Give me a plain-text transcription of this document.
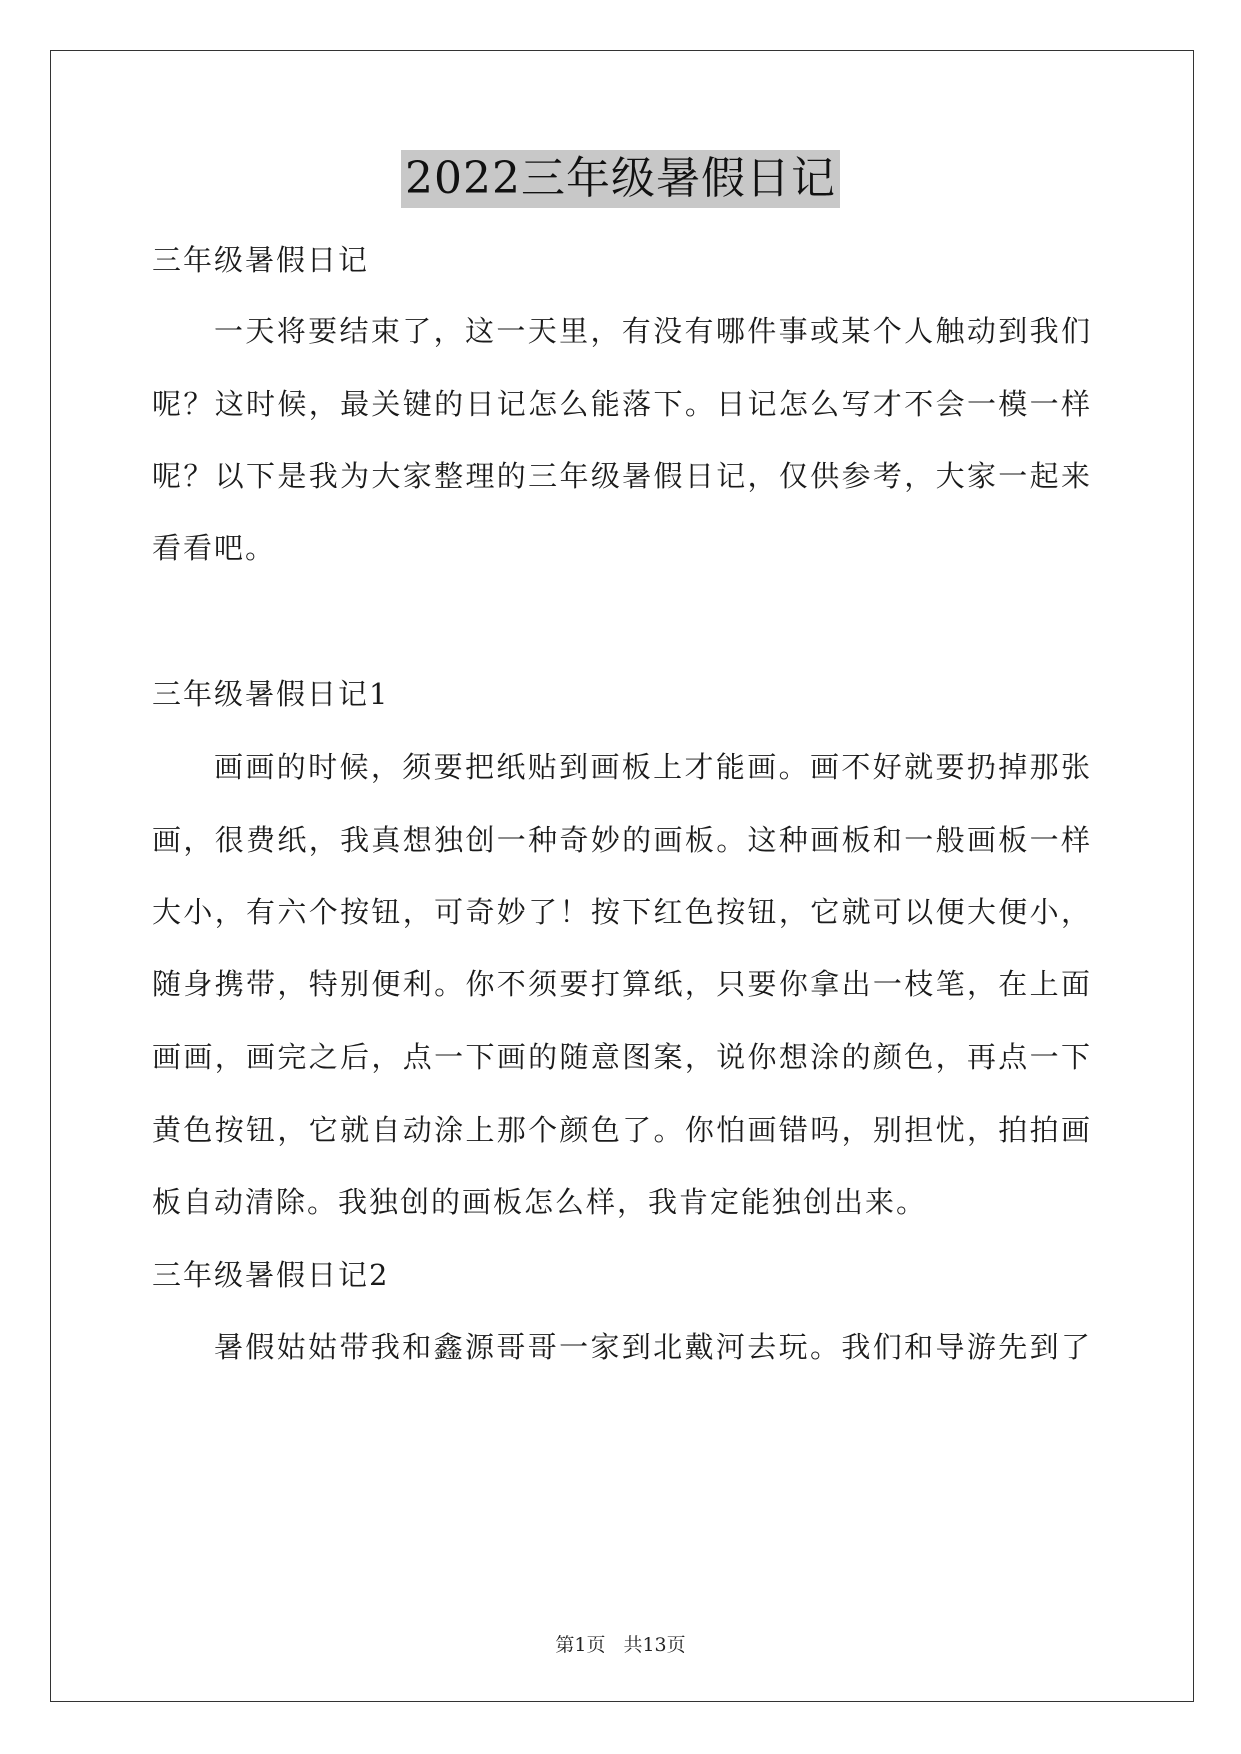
2022三年级暑假日记
三年级暑假日记
一天将要结束了，这一天里，有没有哪件事或某个人触动到我们
呢？这时候，最关键的日记怎么能落下。日记怎么写才不会一模一样
呢？以下是我为大家整理的三年级暑假日记，仅供参考，大家一起来
看看吧。
三年级暑假日记1
画画的时候，须要把纸贴到画板上才能画。画不好就要扔掉那张
画，很费纸，我真想独创一种奇妙的画板。这种画板和一般画板一样
大小，有六个按钮，可奇妙了！按下红色按钮，它就可以便大便小，
随身携带，特别便利。你不须要打算纸，只要你拿出一枝笔，在上面
画画，画完之后，点一下画的随意图案，说你想涂的颜色，再点一下
黄色按钮，它就自动涂上那个颜色了。你怕画错吗，别担忧，拍拍画
板自动清除。我独创的画板怎么样，我肯定能独创出来。
三年级暑假日记2
暑假姑姑带我和鑫源哥哥一家到北戴河去玩。我们和导游先到了
第1页 共13页
